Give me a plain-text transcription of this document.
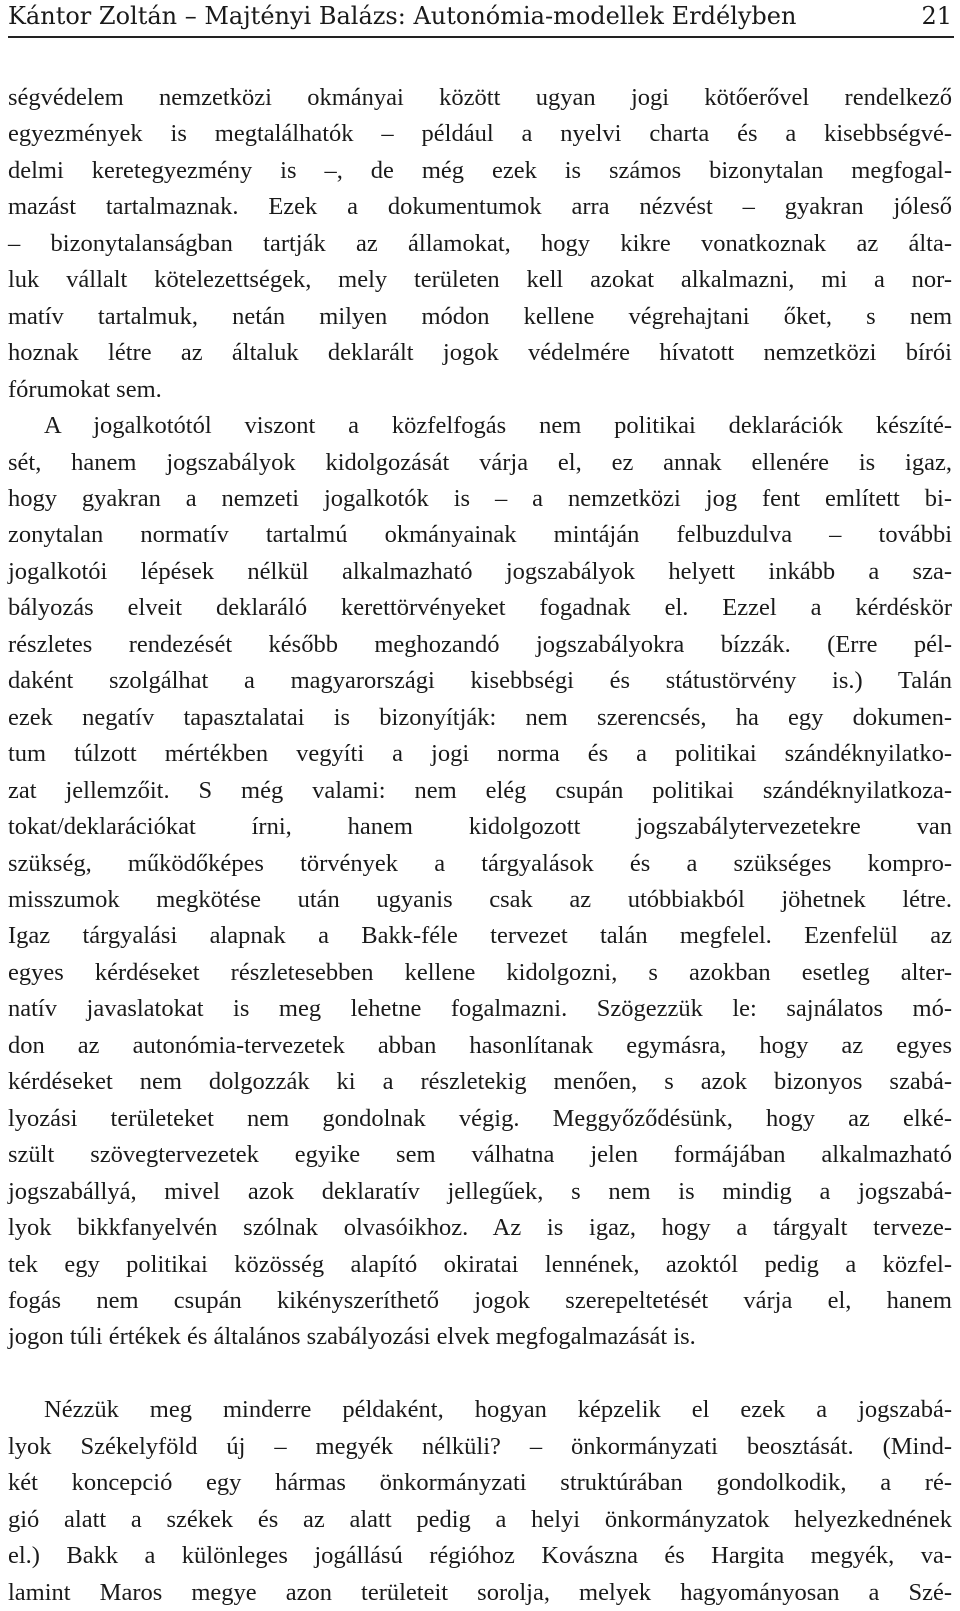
Kántor Zoltán – Majtényi Balázs: Autonómia-modellek Erdélyben	21

ségvédelem nemzetközi okmányai között ugyan jogi kötőerővel rendelkező

egyezmények is megtalálhatók – például a nyelvi charta és a kisebbségvé-

delmi keretegyezmény is –, de még ezek is számos bizonytalan megfogal-

mazást tartalmaznak. Ezek a dokumentumok arra nézvést – gyakran jóleső

– bizonytalanságban tartják az államokat, hogy kikre vonatkoznak az álta-

luk vállalt kötelezettségek, mely területen kell azokat alkalmazni, mi a nor-

matív tartalmuk, netán milyen módon kellene végrehajtani őket, s nem

hoznak létre az általuk deklarált jogok védelmére hívatott nemzetközi bírói

fórumokat sem.

A jogalkotótól viszont a közfelfogás nem politikai deklarációk készíté-

sét, hanem jogszabályok kidolgozását várja el, ez annak ellenére is igaz,

hogy gyakran a nemzeti jogalkotók is – a nemzetközi jog fent említett bi-

zonytalan normatív tartalmú okmányainak mintáján felbuzdulva – további

jogalkotói lépések nélkül alkalmazható jogszabályok helyett inkább a sza-

bályozás elveit deklaráló kerettörvényeket fogadnak el. Ezzel a kérdéskör

részletes rendezését később meghozandó jogszabályokra bízzák. (Erre pél-

daként szolgálhat a magyarországi kisebbségi és státustörvény is.) Talán

ezek negatív tapasztalatai is bizonyítják: nem szerencsés, ha egy dokumen-

tum túlzott mértékben vegyíti a jogi norma és a politikai szándéknyilatko-

zat jellemzőit. S még valami: nem elég csupán politikai szándéknyilatkoza-

tokat/deklarációkat írni, hanem kidolgozott jogszabálytervezetekre van

szükség, működőképes törvények a tárgyalások és a szükséges kompro-

misszumok megkötése után ugyanis csak az utóbbiakból jöhetnek létre.

Igaz tárgyalási alapnak a Bakk-féle tervezet talán megfelel. Ezenfelül az

egyes kérdéseket részletesebben kellene kidolgozni, s azokban esetleg alter-

natív javaslatokat is meg lehetne fogalmazni. Szögezzük le: sajnálatos mó-

don az autonómia-tervezetek abban hasonlítanak egymásra, hogy az egyes

kérdéseket nem dolgozzák ki a részletekig menően, s azok bizonyos szabá-

lyozási területeket nem gondolnak végig. Meggyőződésünk, hogy az elké-

szült szövegtervezetek egyike sem válhatna jelen formájában alkalmazható

jogszabállyá, mivel azok deklaratív jellegűek, s nem is mindig a jogszabá-

lyok bikkfanyelvén szólnak olvasóikhoz. Az is igaz, hogy a tárgyalt terveze-

tek egy politikai közösség alapító okiratai lennének, azoktól pedig a közfel-

fogás nem csupán kikényszeríthető jogok szerepeltetését várja el, hanem

jogon túli értékek és általános szabályozási elvek megfogalmazását is.

Nézzük meg minderre példaként, hogyan képzelik el ezek a jogszabá-

lyok Székelyföld új – megyék nélküli? – önkormányzati beosztását. (Mind-

két koncepció egy hármas önkormányzati struktúrában gondolkodik, a ré-

gió alatt a székek és az alatt pedig a helyi önkormányzatok helyezkednének

el.) Bakk a különleges jogállású régióhoz Kovászna és Hargita megyék, va-

lamint Maros megye azon területeit sorolja, melyek hagyományosan a Szé-
